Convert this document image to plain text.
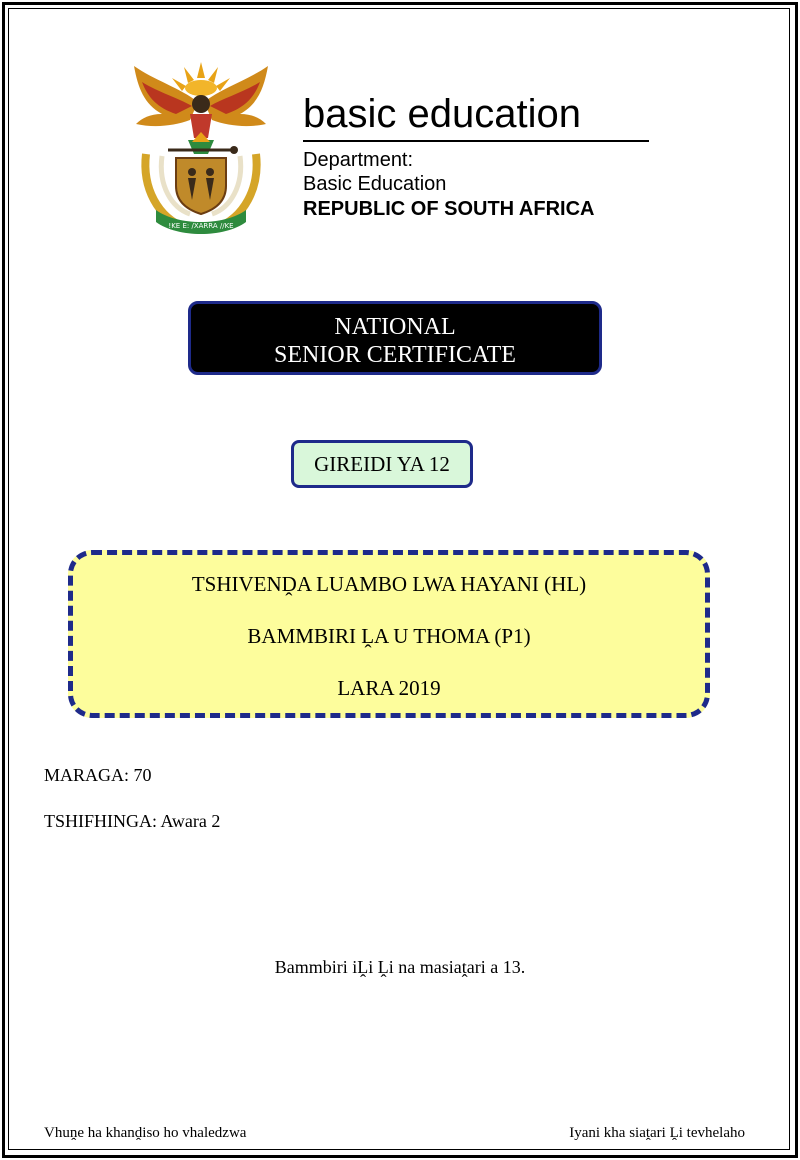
!KE E: /XARRA //KE
basic education
Department:
Basic Education
REPUBLIC OF SOUTH AFRICA
NATIONAL
SENIOR CERTIFICATE
GIREIDI YA 12
TSHIVENḒA LUAMBO LWA HAYANI (HL)
BAMMBIRI ḼA U THOMA (P1)
LARA 2019
MARAGA: 70
TSHIFHINGA: Awara 2
Bammbiri iḼi Ḽi na masiaṱari a 13.
Vhuṋe ha khanḓiso ho vhaledzwa	Iyani kha siaṱari Ḽi tevhelaho
